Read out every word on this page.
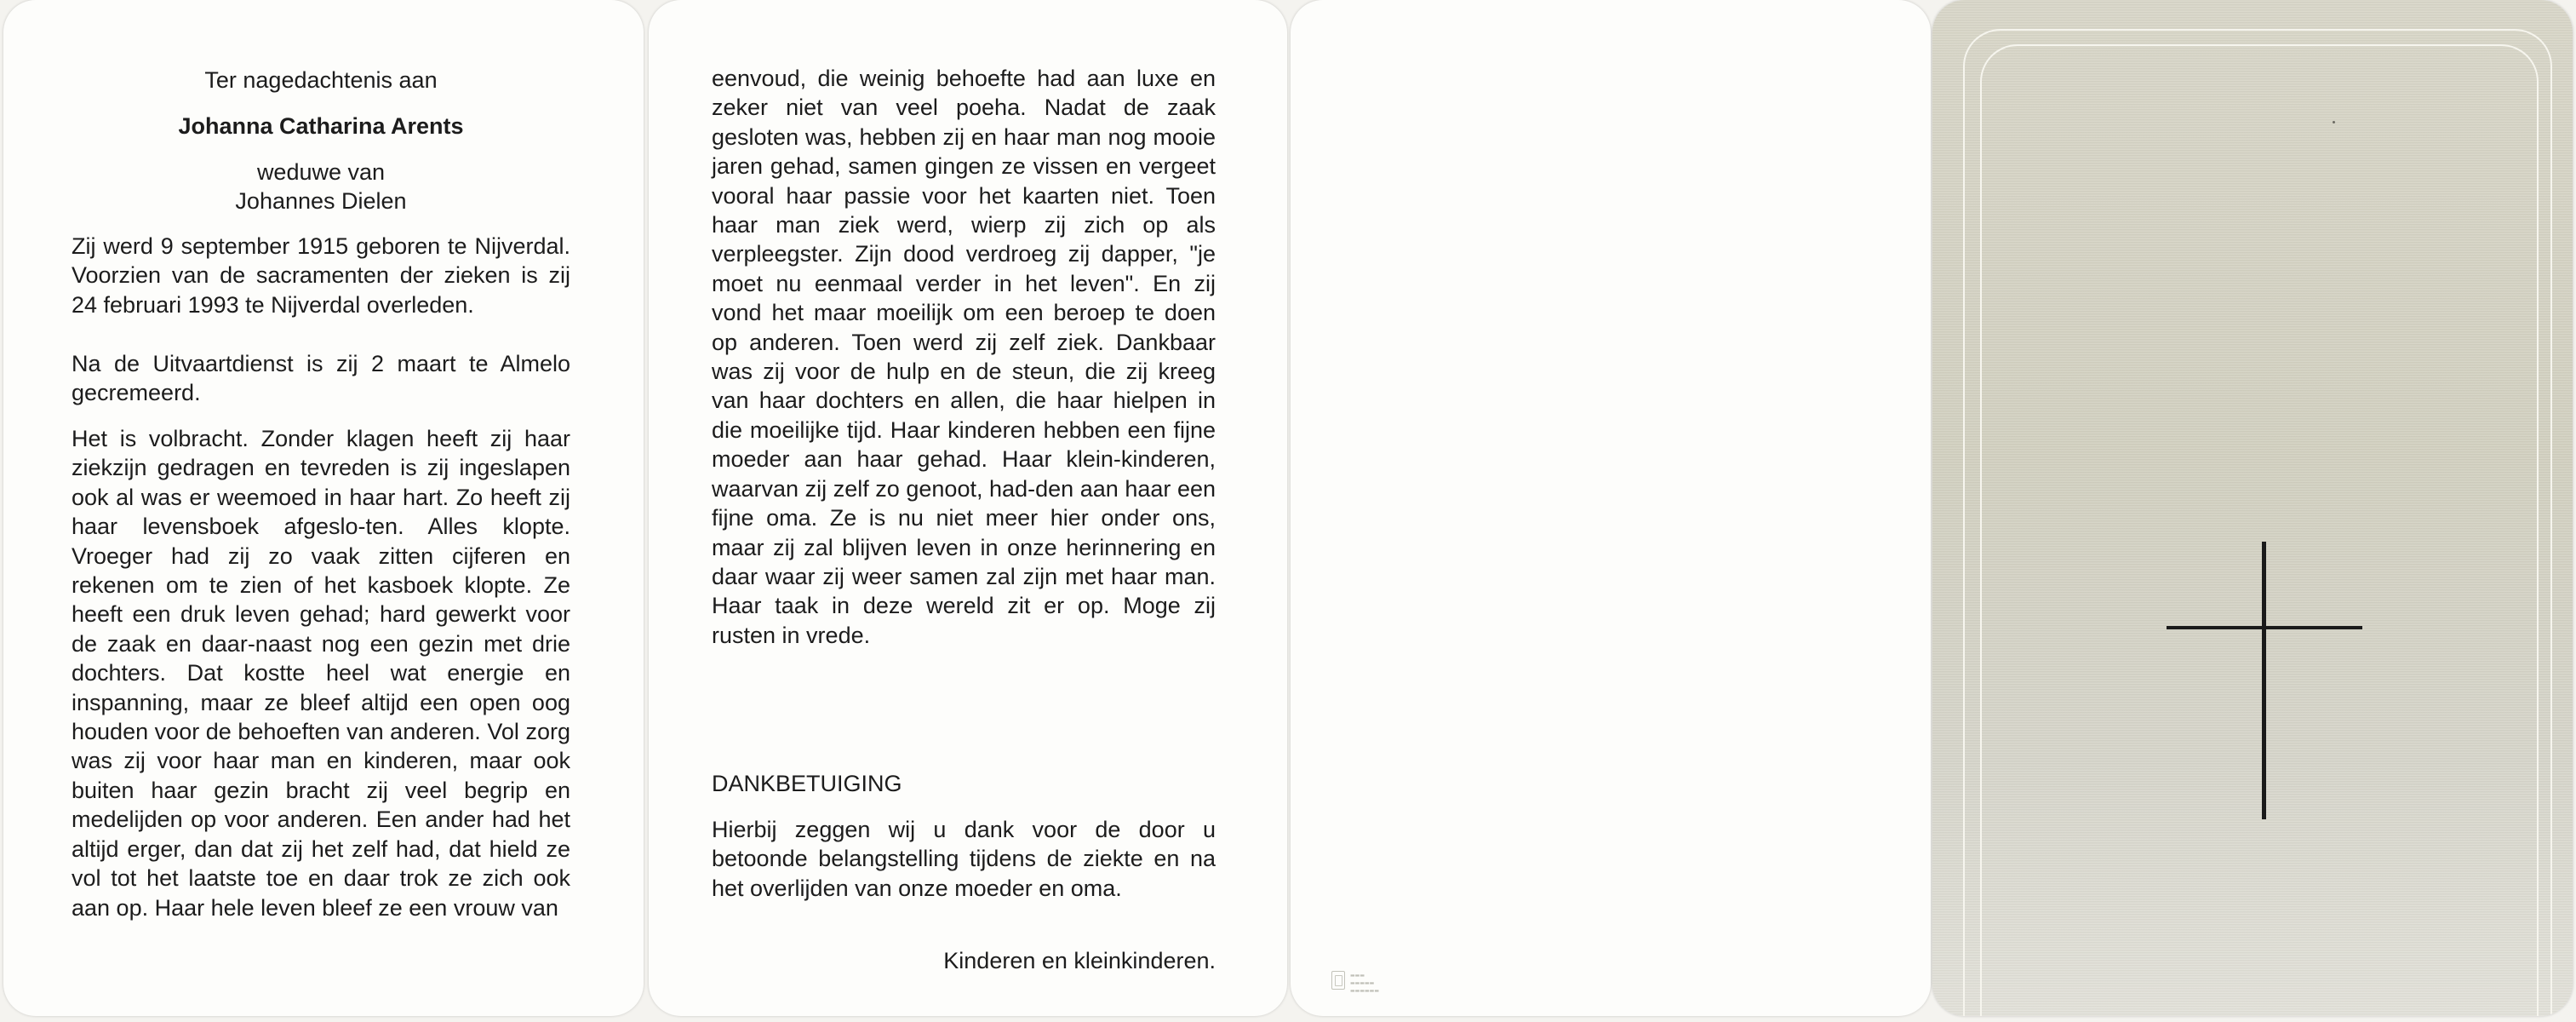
Ter nagedachtenis aan

Johanna Catharina Arents

weduwe van

Johannes Dielen

Zij werd 9 september 1915 geboren te Nijverdal. Voorzien van de sacramenten der zieken is zij 24 februari 1993 te Nijverdal overleden.

Na de Uitvaartdienst is zij 2 maart te Almelo gecremeerd.

Het is volbracht. Zonder klagen heeft zij haar ziekzijn gedragen en tevreden is zij ingeslapen ook al was er weemoed in haar hart. Zo heeft zij haar levensboek afgeslo-ten. Alles klopte. Vroeger had zij zo vaak zitten cijferen en rekenen om te zien of het kasboek klopte. Ze heeft een druk leven gehad; hard gewerkt voor de zaak en daar-naast nog een gezin met drie dochters. Dat kostte heel wat energie en inspanning, maar ze bleef altijd een open oog houden voor de behoeften van anderen. Vol zorg was zij voor haar man en kinderen, maar ook buiten haar gezin bracht zij veel begrip en medelijden op voor anderen. Een ander had het altijd erger, dan dat zij het zelf had, dat hield ze vol tot het laatste toe en daar trok ze zich ook aan op. Haar hele leven bleef ze een vrouw van

eenvoud, die weinig behoefte had aan luxe en zeker niet van veel poeha. Nadat de zaak gesloten was, hebben zij en haar man nog mooie jaren gehad, samen gingen ze vissen en vergeet vooral haar passie voor het kaarten niet. Toen haar man ziek werd, wierp zij zich op als verpleegster. Zijn dood verdroeg zij dapper, "je moet nu eenmaal verder in het leven". En zij vond het maar moeilijk om een beroep te doen op anderen. Toen werd zij zelf ziek. Dankbaar was zij voor de hulp en de steun, die zij kreeg van haar dochters en allen, die haar hielpen in die moeilijke tijd. Haar kinderen hebben een fijne moeder aan haar gehad. Haar klein-kinderen, waarvan zij zelf zo genoot, had-den aan haar een fijne oma. Ze is nu niet meer hier onder ons, maar zij zal blijven leven in onze herinnering en daar waar zij weer samen zal zijn met haar man. Haar taak in deze wereld zit er op. Moge zij rusten in vrede.

DANKBETUIGING

Hierbij zeggen wij u dank voor de door u betoonde belangstelling tijdens de ziekte en na het overlijden van onze moeder en oma.

Kinderen en kleinkinderen.

▬▬▬
▬▬▬▬▬
▬▬▬▬▬▬
